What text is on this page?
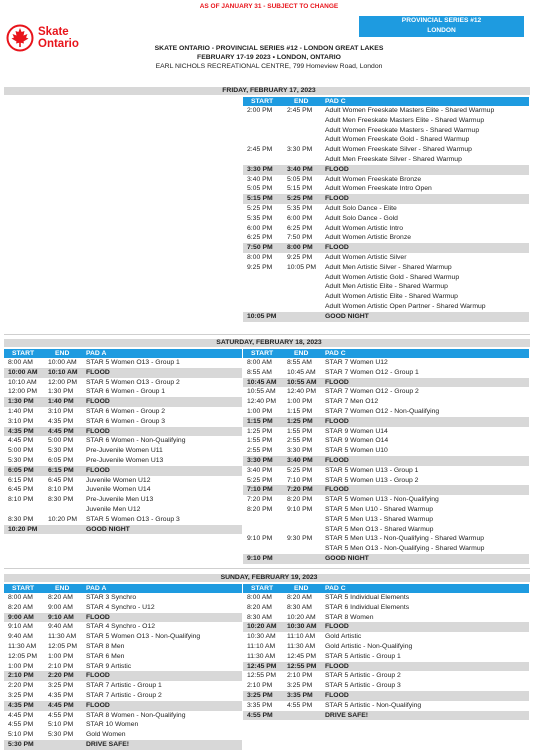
AS OF JANUARY 31 - SUBJECT TO CHANGE
Skate
Ontario
PROVINCIAL SERIES #12
LONDON
SKATE ONTARIO - PROVINCIAL SERIES #12 - LONDON GREAT LAKES
FEBRUARY 17-19 2023 • LONDON, ONTARIO
EARL NICHOLS RECREATIONAL CENTRE, 799 Homeview Road, London
FRIDAY, FEBRUARY 17, 2023
START	END PAD C
2:00 PM 2:45 PM Adult Women Freeskate Masters Elite - Shared Warmup
Adult Men Freeskate Masters Elite - Shared Warmup
Adult Women Freeskate Masters - Shared Warmup
Adult Women Freeskate Gold - Shared Warmup
2:45 PM 3:30 PM Adult Women Freeskate Silver - Shared Warmup
Adult Men Freeskate Silver - Shared Warmup
3:30 PM 3:40 PM FLOOD
3:40 PM 5:05 PM Adult Women Freeskate Bronze
5:05 PM 5:15 PM Adult Women Freeskate Intro Open
5:15 PM 5:25 PM FLOOD
5:25 PM 5:35 PM Adult Solo Dance - Elite
5:35 PM 6:00 PM Adult Solo Dance - Gold
6:00 PM 6:25 PM Adult Women Artistic Intro
6:25 PM 7:50 PM Adult Women Artistic Bronze
7:50 PM 8:00 PM FLOOD
8:00 PM 9:25 PM Adult Women Artistic Silver
9:25 PM 10:05 PM Adult Men Artistic Silver - Shared Warmup
Adult Women Artistic Gold - Shared Warmup
Adult Men Artistic Elite - Shared Warmup
Adult Women Artistic Elite - Shared Warmup
Adult Women Artistic Open Partner - Shared Warmup
10:05 PM	GOOD NIGHT
SATURDAY, FEBRUARY 18, 2023
START	END PAD A	START	END PAD C
8:00 AM 10:00 AM STAR 5 Women O13 - Group 1
10:00 AM 10:10 AM FLOOD
10:10 AM 12:00 PM STAR 5 Women O13 - Group 2
12:00 PM 1:30 PM STAR 6 Women - Group 1
1:30 PM 1:40 PM FLOOD
1:40 PM 3:10 PM STAR 6 Women - Group 2
3:10 PM 4:35 PM STAR 6 Women - Group 3
4:35 PM 4:45 PM FLOOD
4:45 PM 5:00 PM STAR 6 Women - Non-Qualifying
5:00 PM 5:30 PM Pre-Juvenile Women U11
5:30 PM 6:05 PM Pre-Juvenile Women U13
6:05 PM 6:15 PM FLOOD
6:15 PM 6:45 PM Juvenile Women U12
6:45 PM 8:10 PM Juvenile Women U14
8:10 PM 8:30 PM Pre-Juvenile Men U13
Juvenile Men U12
8:30 PM 10:20 PM STAR 5 Women O13 - Group 3
10:20 PM	GOOD NIGHT
8:00 AM 8:55 AM STAR 7 Women U12
8:55 AM 10:45 AM STAR 7 Women O12 - Group 1
10:45 AM 10:55 AM FLOOD
10:55 AM 12:40 PM STAR 7 Women O12 - Group 2
12:40 PM 1:00 PM STAR 7 Men O12
1:00 PM 1:15 PM STAR 7 Women O12 - Non-Qualifying
1:15 PM 1:25 PM FLOOD
1:25 PM 1:55 PM STAR 9 Women U14
1:55 PM 2:55 PM STAR 9 Women O14
2:55 PM 3:30 PM STAR 5 Women U10
3:30 PM 3:40 PM FLOOD
3:40 PM 5:25 PM STAR 5 Women U13 - Group 1
5:25 PM 7:10 PM STAR 5 Women U13 - Group 2
7:10 PM 7:20 PM FLOOD
7:20 PM 8:20 PM STAR 5 Women U13 - Non-Qualifying
8:20 PM 9:10 PM STAR 5 Men U10 - Shared Warmup
STAR 5 Men U13 - Shared Warmup
STAR 5 Men O13 - Shared Warmup
9:10 PM 9:30 PM STAR 5 Men U13 - Non-Qualifying - Shared Warmup
STAR 5 Men O13 - Non-Qualifying - Shared Warmup
9:10 PM	GOOD NIGHT
SUNDAY, FEBRUARY 19, 2023
START	END PAD A	START	END PAD C
8:00 AM 8:20 AM STAR 3 Synchro
8:20 AM 9:00 AM STAR 4 Synchro - U12
9:00 AM 9:10 AM FLOOD
9:10 AM 9:40 AM STAR 4 Synchro - O12
9:40 AM 11:30 AM STAR 5 Women O13 - Non-Qualifying
11:30 AM 12:05 PM STAR 8 Men
12:05 PM 1:00 PM STAR 6 Men
1:00 PM 2:10 PM STAR 9 Artistic
2:10 PM 2:20 PM FLOOD
2:20 PM 3:25 PM STAR 7 Artistic - Group 1
3:25 PM 4:35 PM STAR 7 Artistic - Group 2
4:35 PM 4:45 PM FLOOD
4:45 PM 4:55 PM STAR 8 Women - Non-Qualifying
4:55 PM 5:10 PM STAR 10 Women
5:10 PM 5:30 PM Gold Women
5:30 PM	DRIVE SAFE!
8:00 AM 8:20 AM STAR 5 Individual Elements
8:20 AM 8:30 AM STAR 6 Individual Elements
8:30 AM 10:20 AM STAR 8 Women
10:20 AM 10:30 AM FLOOD
10:30 AM 11:10 AM Gold Artistic
11:10 AM 11:30 AM Gold Artistic - Non-Qualifying
11:30 AM 12:45 PM STAR 5 Artistic - Group 1
12:45 PM 12:55 PM FLOOD
12:55 PM 2:10 PM STAR 5 Artistic - Group 2
2:10 PM 3:25 PM STAR 5 Artistic - Group 3
3:25 PM 3:35 PM FLOOD
3:35 PM 4:55 PM STAR 5 Artistic - Non-Qualifying
4:55 PM	DRIVE SAFE!
